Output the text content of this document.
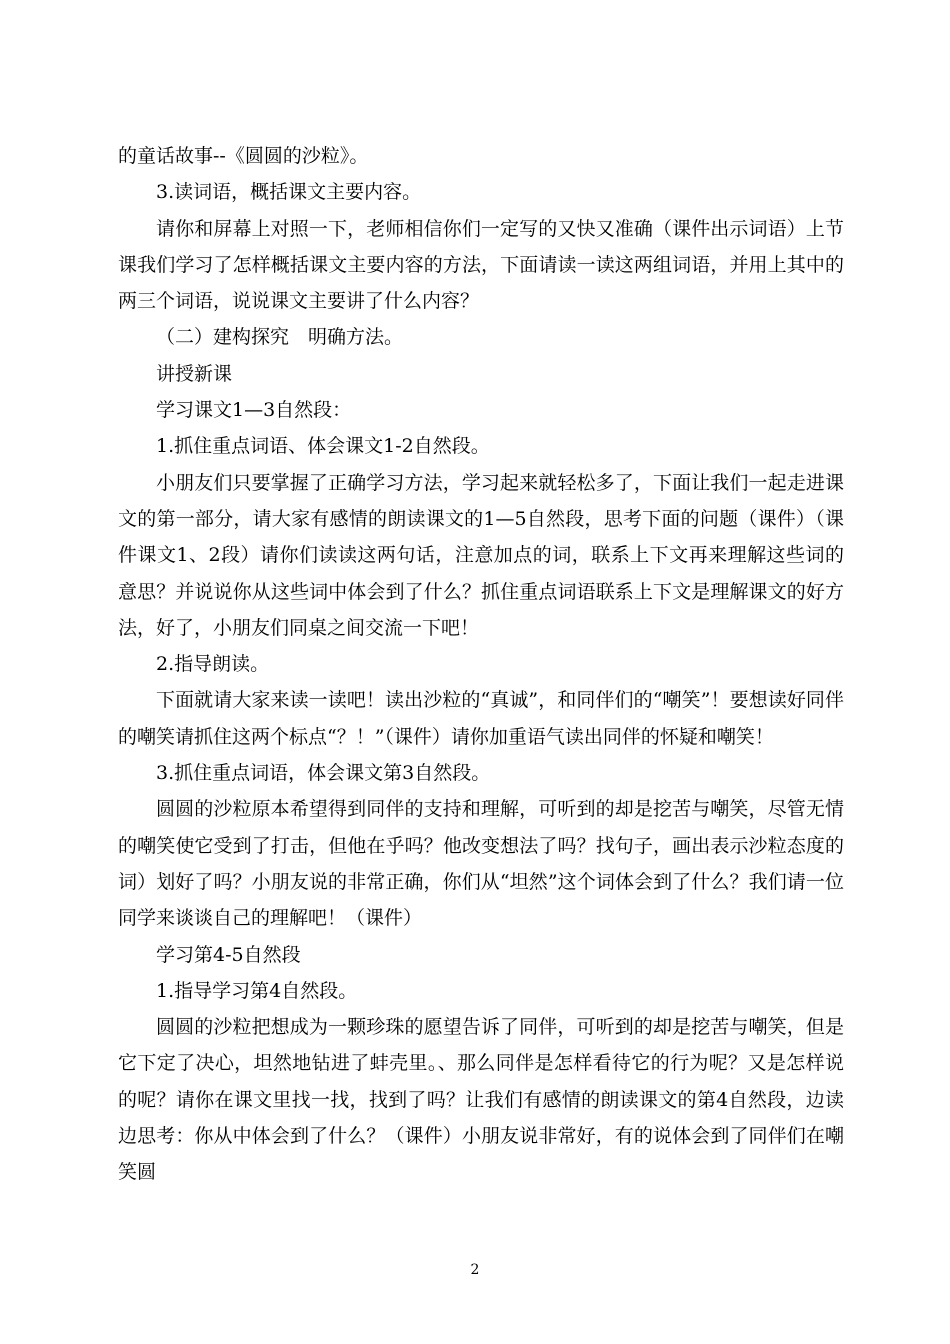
的童话故事--《圆圆的沙粒》。

3.读词语，概括课文主要内容。

请你和屏幕上对照一下，老师相信你们一定写的又快又准确（课件出示词语）上节课我们学习了怎样概括课文主要内容的方法，下面请读一读这两组词语，并用上其中的两三个词语，说说课文主要讲了什么内容？

（二）建构探究　明确方法。

讲授新课

学习课文1—3自然段：

1.抓住重点词语、体会课文1-2自然段。

小朋友们只要掌握了正确学习方法，学习起来就轻松多了，下面让我们一起走进课文的第一部分，请大家有感情的朗读课文的1—5自然段，思考下面的问题（课件）（课件课文1、2段）请你们读读这两句话，注意加点的词，联系上下文再来理解这些词的意思？并说说你从这些词中体会到了什么？抓住重点词语联系上下文是理解课文的好方法，好了，小朋友们同桌之间交流一下吧！

2.指导朗读。

下面就请大家来读一读吧！读出沙粒的“真诚”，和同伴们的“嘲笑”！要想读好同伴的嘲笑请抓住这两个标点“？！”（课件）请你加重语气读出同伴的怀疑和嘲笑！

3.抓住重点词语，体会课文第3自然段。

圆圆的沙粒原本希望得到同伴的支持和理解，可听到的却是挖苦与嘲笑，尽管无情的嘲笑使它受到了打击，但他在乎吗？他改变想法了吗？找句子，画出表示沙粒态度的词）划好了吗？小朋友说的非常正确，你们从“坦然”这个词体会到了什么？我们请一位同学来谈谈自己的理解吧！（课件）

学习第4-5自然段

1.指导学习第4自然段。

圆圆的沙粒把想成为一颗珍珠的愿望告诉了同伴，可听到的却是挖苦与嘲笑，但是它下定了决心，坦然地钻进了蚌壳里。、那么同伴是怎样看待它的行为呢？又是怎样说的呢？请你在课文里找一找，找到了吗？让我们有感情的朗读课文的第4自然段，边读边思考：你从中体会到了什么？（课件）小朋友说非常好，有的说体会到了同伴们在嘲笑圆

2
